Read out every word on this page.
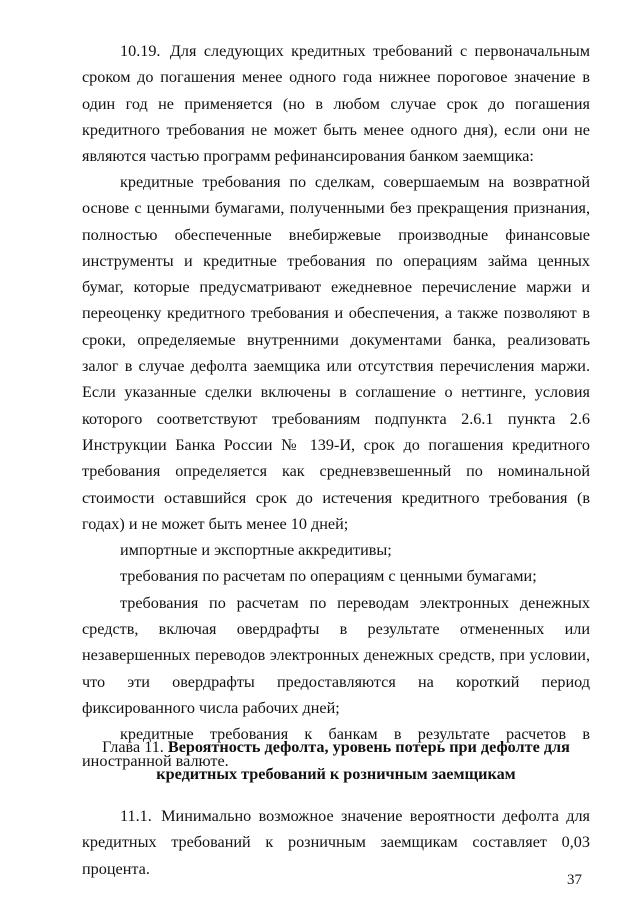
10.19. Для следующих кредитных требований с первоначальным сроком до погашения менее одного года нижнее пороговое значение в один год не применяется (но в любом случае срок до погашения кредитного требования не может быть менее одного дня), если они не являются частью программ рефинансирования банком заемщика:

кредитные требования по сделкам, совершаемым на возвратной основе с ценными бумагами, полученными без прекращения признания, полностью обеспеченные внебиржевые производные финансовые инструменты и кредитные требования по операциям займа ценных бумаг, которые предусматривают ежедневное перечисление маржи и переоценку кредитного требования и обеспечения, а также позволяют в сроки, определяемые внутренними документами банка, реализовать залог в случае дефолта заемщика или отсутствия перечисления маржи. Если указанные сделки включены в соглашение о неттинге, условия которого соответствуют требованиям подпункта 2.6.1 пункта 2.6 Инструкции Банка России № 139-И, срок до погашения кредитного требования определяется как средневзвешенный по номинальной стоимости оставшийся срок до истечения кредитного требования (в годах) и не может быть менее 10 дней;

импортные и экспортные аккредитивы;

требования по расчетам по операциям с ценными бумагами;

требования по расчетам по переводам электронных денежных средств, включая овердрафты в результате отмененных или незавершенных переводов электронных денежных средств, при условии, что эти овердрафты предоставляются на короткий период фиксированного числа рабочих дней;

кредитные требования к банкам в результате расчетов в иностранной валюте.

Глава 11. Вероятность дефолта, уровень потерь при дефолте для
кредитных требований к розничным заемщикам

11.1. Минимально возможное значение вероятности дефолта для кредитных требований к розничным заемщикам составляет 0,03 процента.

37
